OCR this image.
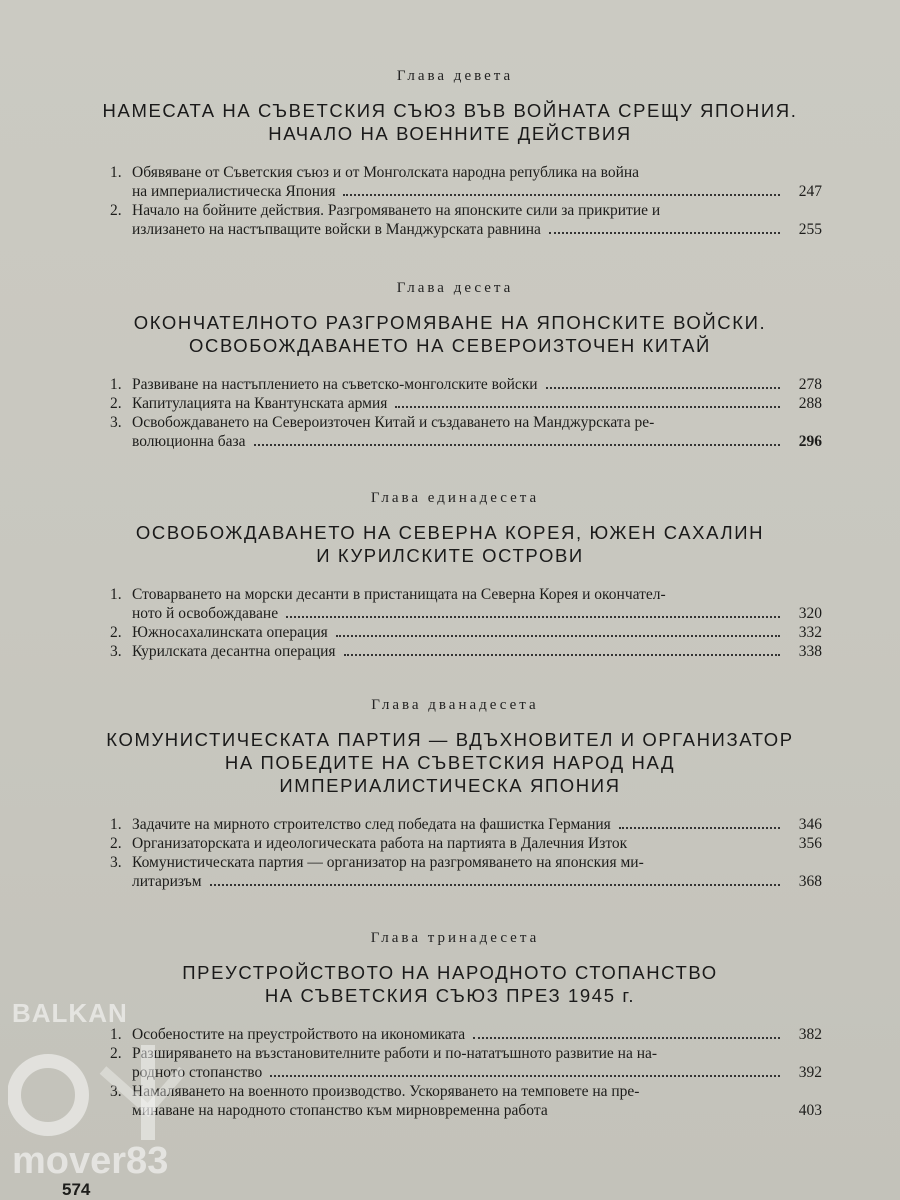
Глава девета
НАМЕСАТА НА СЪВЕТСКИЯ СЪЮЗ ВЪВ ВОЙНАТА СРЕЩУ ЯПОНИЯ.
НАЧАЛО НА ВОЕННИТЕ ДЕЙСТВИЯ
1. Обявяване от Съветския съюз и от Монголската народна република на война
на империалистическа Япония	247
2. Начало на бойните действия. Разгромяването на японските сили за прикритие и
излизането на настъпващите войски в Манджурската равнина	255
Глава десета
ОКОНЧАТЕЛНОТО РАЗГРОМЯВАНЕ НА ЯПОНСКИТЕ ВОЙСКИ.
ОСВОБОЖДАВАНЕТО НА СЕВЕРОИЗТОЧЕН КИТАЙ
1. Развиване на настъплението на съветско-монголските войски	278
2. Капитулацията на Квантунската армия	288
3. Освобождаването на Североизточен Китай и създаването на Манджурската ре-
волюционна база	296
Глава единадесета
ОСВОБОЖДАВАНЕТО НА СЕВЕРНА КОРЕЯ, ЮЖЕН САХАЛИН
И КУРИЛСКИТЕ ОСТРОВИ
1. Стоварването на морски десанти в пристанищата на Северна Корея и окончател-
ното й освобождаване	320
2. Южносахалинската операция	332
3. Курилската десантна операция	338
Глава дванадесета
КОМУНИСТИЧЕСКАТА ПАРТИЯ — ВДЪХНОВИТЕЛ И ОРГАНИЗАТОР
НА ПОБЕДИТЕ НА СЪВЕТСКИЯ НАРОД НАД
ИМПЕРИАЛИСТИЧЕСКА ЯПОНИЯ
1. Задачите на мирното строителство след победата на фашистка Германия	346
2. Организаторската и идеологическата работа на партията в Далечния Изток	356
3. Комунистическата партия — организатор на разгромяването на японския ми-
литаризъм	368
Глава тринадесета
ПРЕУСТРОЙСТВОТО НА НАРОДНОТО СТОПАНСТВО
НА СЪВЕТСКИЯ СЪЮЗ ПРЕЗ 1945 г.
1. Особеностите на преустройството на икономиката	382
2. Разширяването на възстановителните работи и по-нататъшното развитие на на-
родното стопанство	392
3. Намаляването на военното производство. Ускоряването на темповете на пре-
минаване на народното стопанство към мирновременна работа	403
BALKAN
mover83
574
